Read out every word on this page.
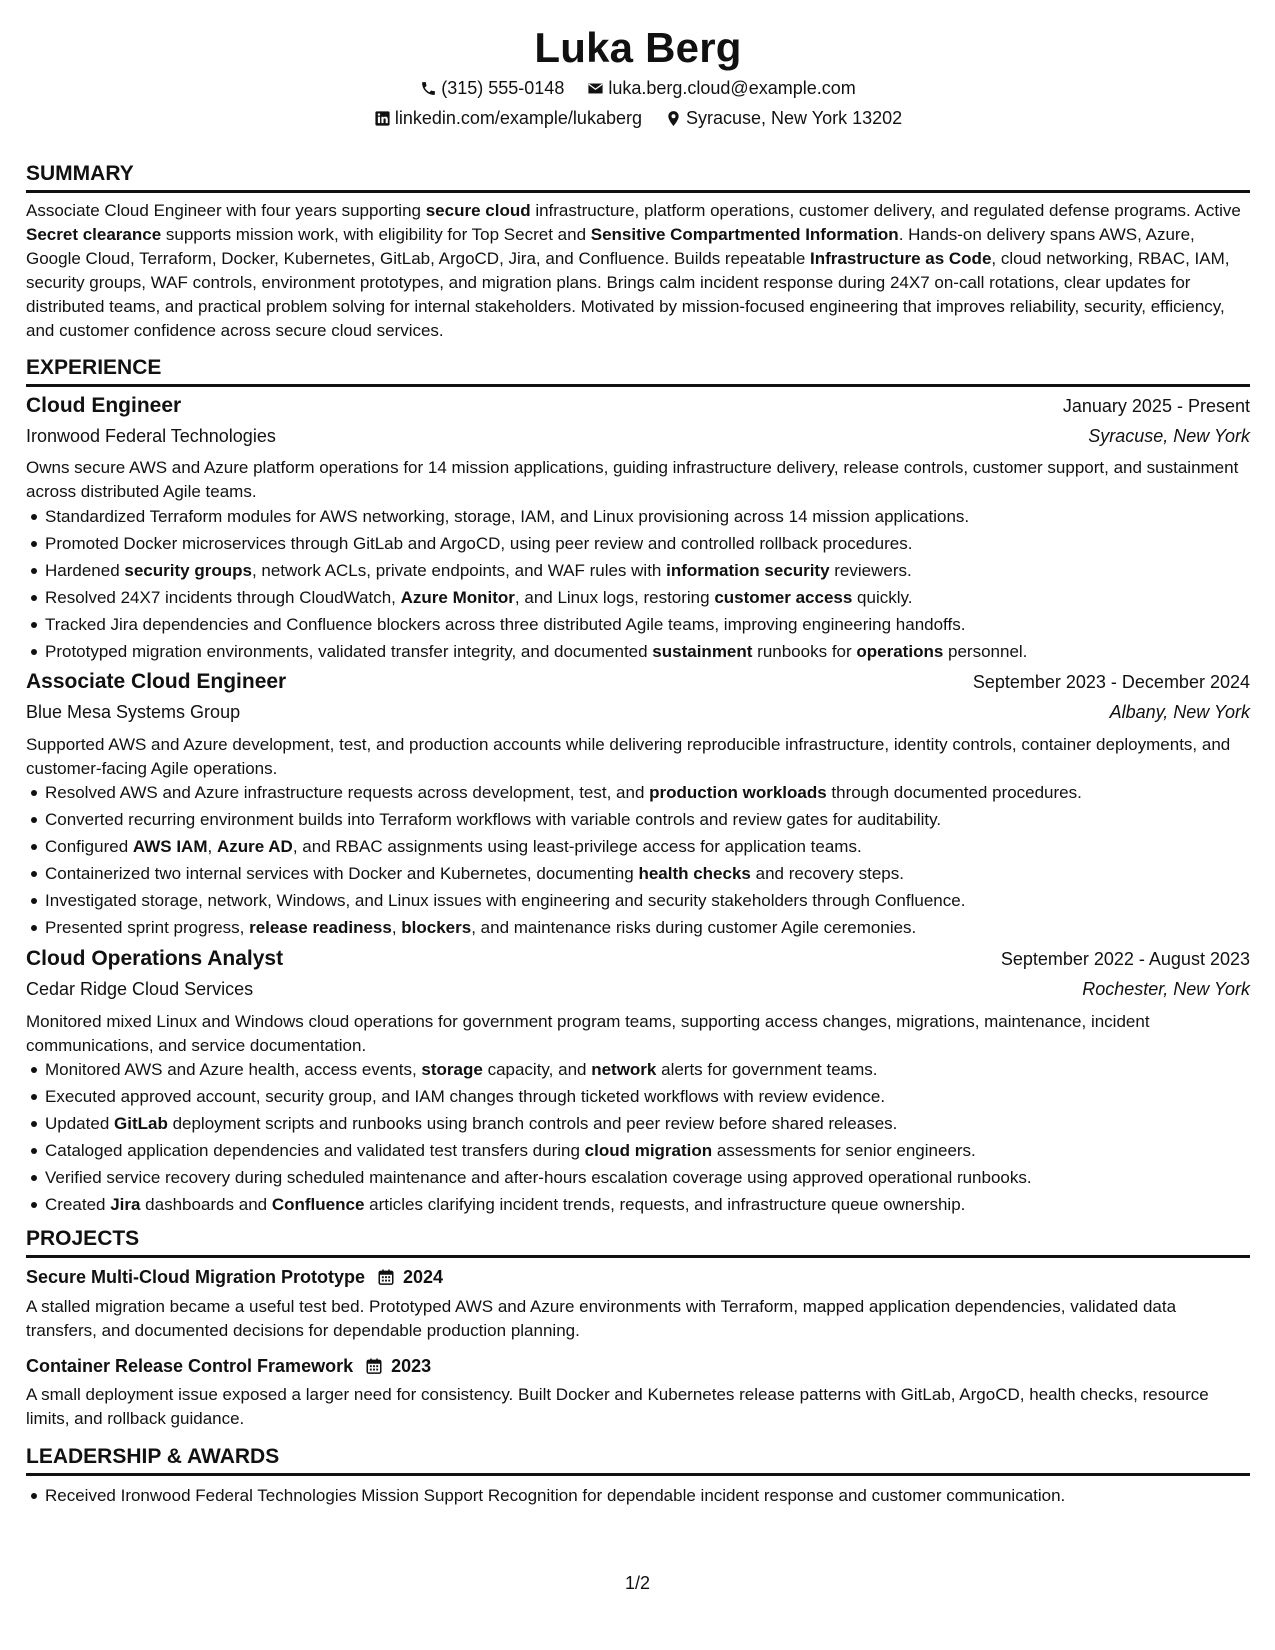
Luka Berg
(315) 555-0148
luka.berg.cloud@example.com
linkedin.com/example/lukaberg
Syracuse, New York 13202
SUMMARY

Associate Cloud Engineer with four years supporting secure cloud infrastructure, platform operations, customer delivery, and regulated defense programs. Active Secret clearance supports mission work, with eligibility for Top Secret and Sensitive Compartmented Information. Hands-on delivery spans AWS, Azure, Google Cloud, Terraform, Docker, Kubernetes, GitLab, ArgoCD, Jira, and Confluence. Builds repeatable Infrastructure as Code, cloud networking, RBAC, IAM, security groups, WAF controls, environment prototypes, and migration plans. Brings calm incident response during 24X7 on-call rotations, clear updates for distributed teams, and practical problem solving for internal stakeholders. Motivated by mission-focused engineering that improves reliability, security, efficiency, and customer confidence across secure cloud services.

EXPERIENCE
Cloud Engineer	January 2025 - Present
Ironwood Federal Technologies	Syracuse, New York

Owns secure AWS and Azure platform operations for 14 mission applications, guiding infrastructure delivery, release controls, customer support, and sustainment across distributed Agile teams.

Standardized Terraform modules for AWS networking, storage, IAM, and Linux provisioning across 14 mission applications.
Promoted Docker microservices through GitLab and ArgoCD, using peer review and controlled rollback procedures.
Hardened security groups, network ACLs, private endpoints, and WAF rules with information security reviewers.
Resolved 24X7 incidents through CloudWatch, Azure Monitor, and Linux logs, restoring customer access quickly.
Tracked Jira dependencies and Confluence blockers across three distributed Agile teams, improving engineering handoffs.
Prototyped migration environments, validated transfer integrity, and documented sustainment runbooks for operations personnel.
Associate Cloud Engineer	September 2023 - December 2024
Blue Mesa Systems Group	Albany, New York

Supported AWS and Azure development, test, and production accounts while delivering reproducible infrastructure, identity controls, container deployments, and customer-facing Agile operations.

Resolved AWS and Azure infrastructure requests across development, test, and production workloads through documented procedures.
Converted recurring environment builds into Terraform workflows with variable controls and review gates for auditability.
Configured AWS IAM, Azure AD, and RBAC assignments using least-privilege access for application teams.
Containerized two internal services with Docker and Kubernetes, documenting health checks and recovery steps.
Investigated storage, network, Windows, and Linux issues with engineering and security stakeholders through Confluence.
Presented sprint progress, release readiness, blockers, and maintenance risks during customer Agile ceremonies.
Cloud Operations Analyst	September 2022 - August 2023
Cedar Ridge Cloud Services	Rochester, New York

Monitored mixed Linux and Windows cloud operations for government program teams, supporting access changes, migrations, maintenance, incident communications, and service documentation.

Monitored AWS and Azure health, access events, storage capacity, and network alerts for government teams.
Executed approved account, security group, and IAM changes through ticketed workflows with review evidence.
Updated GitLab deployment scripts and runbooks using branch controls and peer review before shared releases.
Cataloged application dependencies and validated test transfers during cloud migration assessments for senior engineers.
Verified service recovery during scheduled maintenance and after-hours escalation coverage using approved operational runbooks.
Created Jira dashboards and Confluence articles clarifying incident trends, requests, and infrastructure queue ownership.
PROJECTS
Secure Multi-Cloud Migration Prototype 2024

A stalled migration became a useful test bed. Prototyped AWS and Azure environments with Terraform, mapped application dependencies, validated data transfers, and documented decisions for dependable production planning.

Container Release Control Framework 2023

A small deployment issue exposed a larger need for consistency. Built Docker and Kubernetes release patterns with GitLab, ArgoCD, health checks, resource limits, and rollback guidance.

LEADERSHIP & AWARDS
Received Ironwood Federal Technologies Mission Support Recognition for dependable incident response and customer communication.
1/2
